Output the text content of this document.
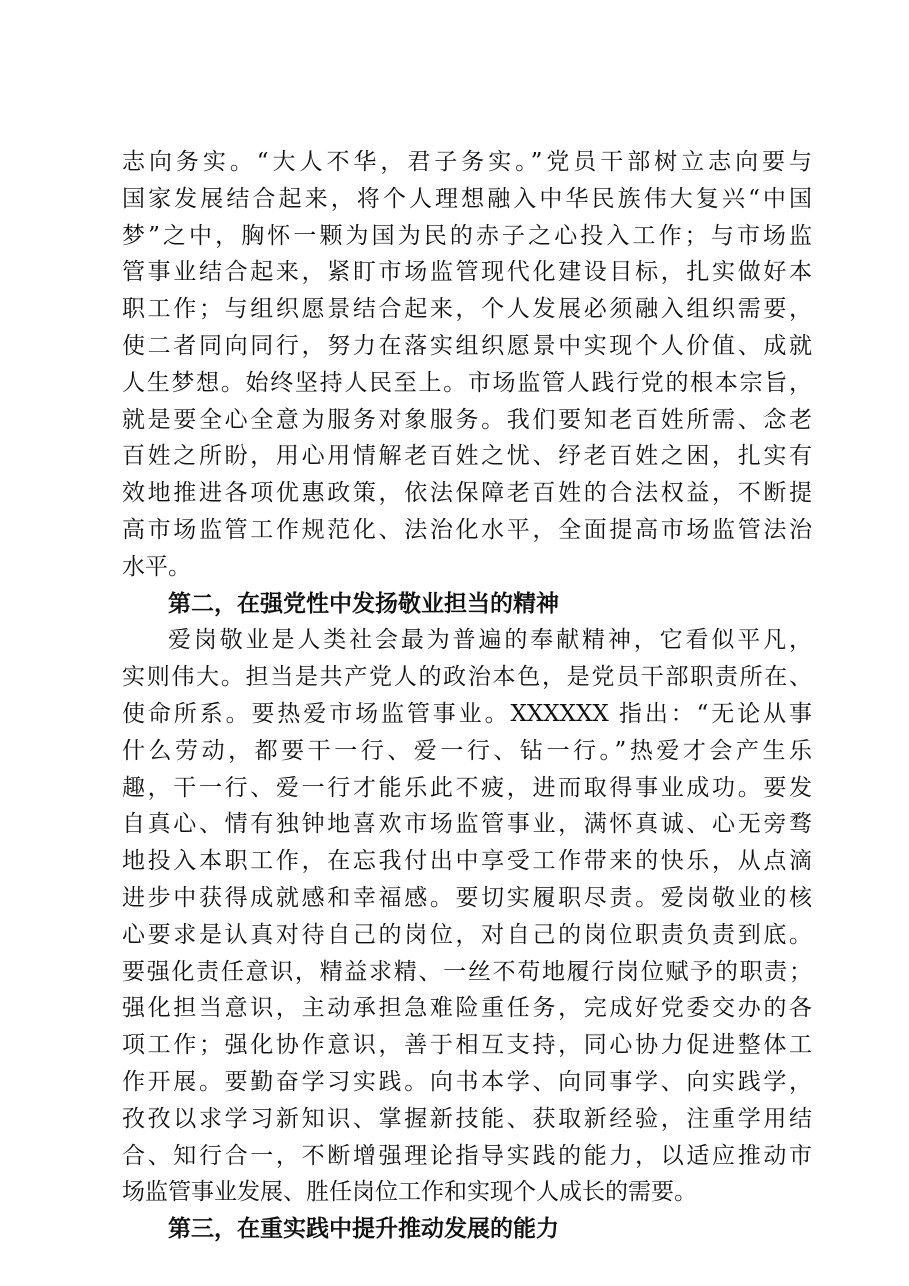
志向务实。“大人不华，君子务实。”党员干部树立志向要与
国家发展结合起来，将个人理想融入中华民族伟大复兴“中国
梦”之中，胸怀一颗为国为民的赤子之心投入工作；与市场监
管事业结合起来，紧盯市场监管现代化建设目标，扎实做好本
职工作；与组织愿景结合起来，个人发展必须融入组织需要，
使二者同向同行，努力在落实组织愿景中实现个人价值、成就
人生梦想。始终坚持人民至上。市场监管人践行党的根本宗旨，
就是要全心全意为服务对象服务。我们要知老百姓所需、念老
百姓之所盼，用心用情解老百姓之忧、纾老百姓之困，扎实有
效地推进各项优惠政策，依法保障老百姓的合法权益，不断提
高市场监管工作规范化、法治化水平，全面提高市场监管法治
水平。
第二，在强党性中发扬敬业担当的精神
爱岗敬业是人类社会最为普遍的奉献精神，它看似平凡，
实则伟大。担当是共产党人的政治本色，是党员干部职责所在、
使命所系。要热爱市场监管事业。XXXXXX 指出：“无论从事
什么劳动，都要干一行、爱一行、钻一行。”热爱才会产生乐
趣，干一行、爱一行才能乐此不疲，进而取得事业成功。要发
自真心、情有独钟地喜欢市场监管事业，满怀真诚、心无旁骛
地投入本职工作，在忘我付出中享受工作带来的快乐，从点滴
进步中获得成就感和幸福感。要切实履职尽责。爱岗敬业的核
心要求是认真对待自己的岗位，对自己的岗位职责负责到底。
要强化责任意识，精益求精、一丝不苟地履行岗位赋予的职责；
强化担当意识，主动承担急难险重任务，完成好党委交办的各
项工作；强化协作意识，善于相互支持，同心协力促进整体工
作开展。要勤奋学习实践。向书本学、向同事学、向实践学，
孜孜以求学习新知识、掌握新技能、获取新经验，注重学用结
合、知行合一，不断增强理论指导实践的能力，以适应推动市
场监管事业发展、胜任岗位工作和实现个人成长的需要。
第三，在重实践中提升推动发展的能力
